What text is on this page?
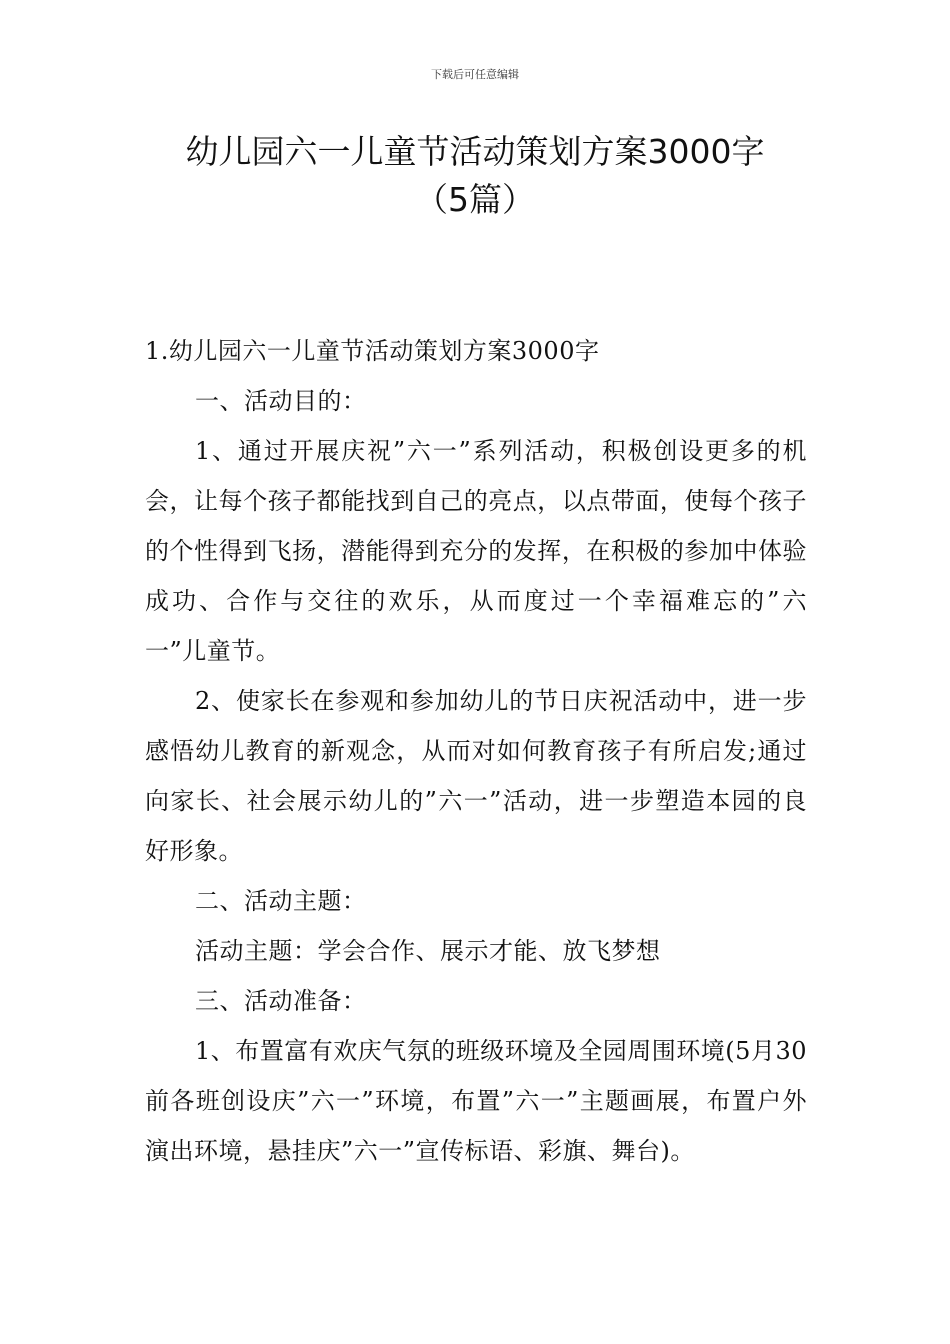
下载后可任意编辑
幼儿园六一儿童节活动策划方案3000字
（5篇）

1.幼儿园六一儿童节活动策划方案3000字

一、活动目的：

1、通过开展庆祝”六一”系列活动，积极创设更多的机会，让每个孩子都能找到自己的亮点，以点带面，使每个孩子的个性得到飞扬，潜能得到充分的发挥，在积极的参加中体验成功、合作与交往的欢乐，从而度过一个幸福难忘的”六一”儿童节。

2、使家长在参观和参加幼儿的节日庆祝活动中，进一步感悟幼儿教育的新观念，从而对如何教育孩子有所启发;通过向家长、社会展示幼儿的”六一”活动，进一步塑造本园的良好形象。

二、活动主题：

活动主题：学会合作、展示才能、放飞梦想

三、活动准备：

1、布置富有欢庆气氛的班级环境及全园周围环境(5月30前各班创设庆”六一”环境，布置”六一”主题画展，布置户外演出环境，悬挂庆”六一”宣传标语、彩旗、舞台)。
